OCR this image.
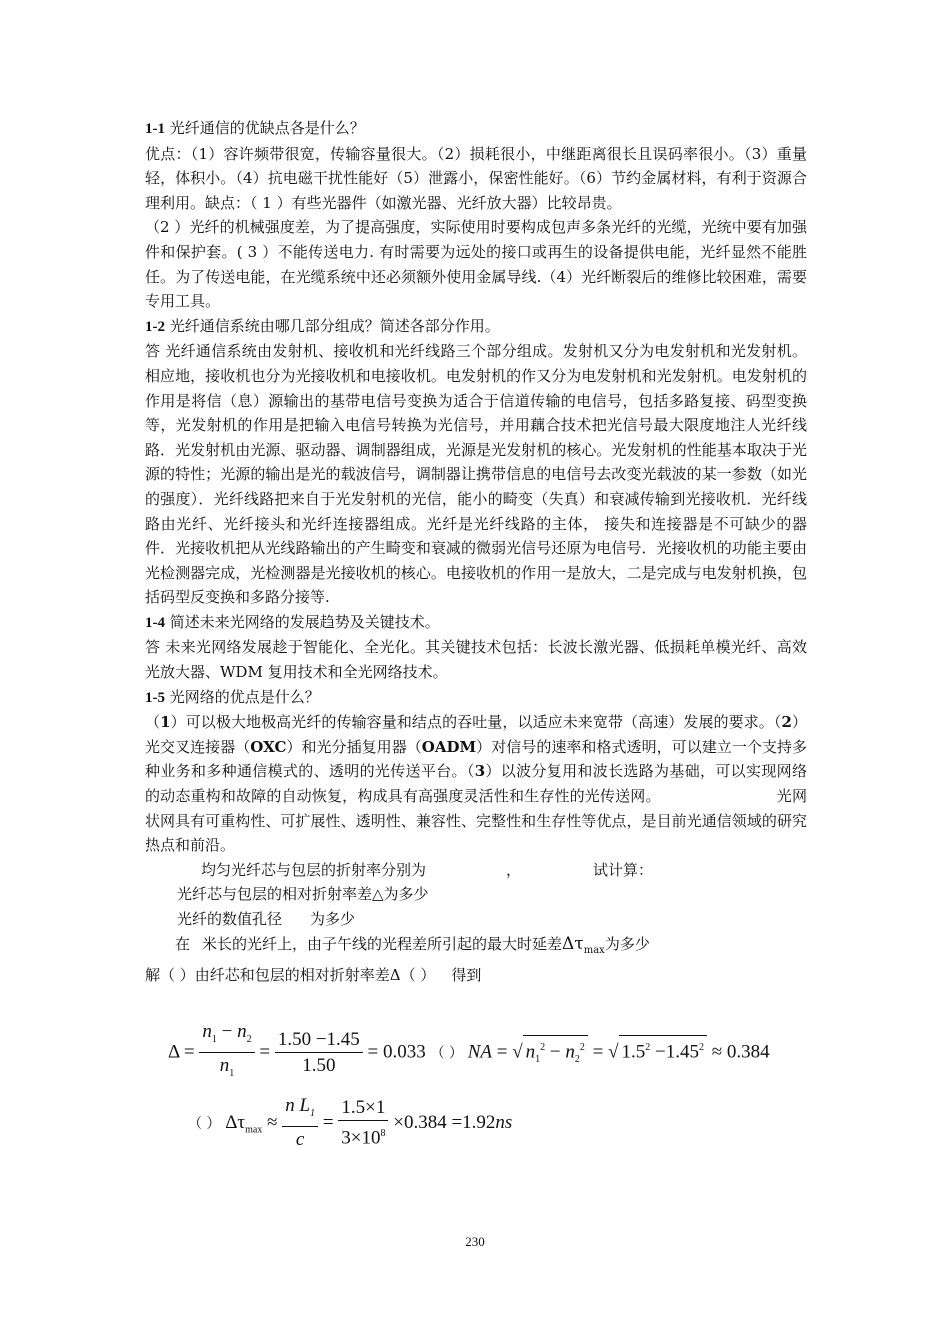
1-1 光纤通信的优缺点各是什么？

优点：（1）容许频带很宽，传输容量很大。（2）损耗很小，中继距离很长且误码率很小。（3）重量轻，体积小。（4）抗电磁干扰性能好（5）泄露小，保密性能好。（6）节约金属材料，有利于资源合理利用。缺点：（ 1 ）有些光器件（如激光器、光纤放大器）比较昂贵。

（2 ）光纤的机械强度差，为了提高强度，实际使用时要构成包声多条光纤的光缆，光统中要有加强件和保护套。( 3 ）不能传送电力. 有时需要为远处的接口或再生的设备提供电能，光纤显然不能胜任。为了传送电能，在光缆系统中还必须额外使用金属导线.（4）光纤断裂后的维修比较困难，需要专用工具。

1-2 光纤通信系统由哪几部分组成？简述各部分作用。

答 光纤通信系统由发射机、接收机和光纤线路三个部分组成。发射机又分为电发射机和光发射机。相应地，接收机也分为光接收机和电接收机。电发射机的作又分为电发射机和光发射机。电发射机的作用是将信（息）源输出的基带电信号变换为适合于信道传输的电信号，包括多路复接、码型变换等，光发射机的作用是把输入电信号转换为光信号，并用藕合技术把光信号最大限度地注人光纤线路．光发射机由光源、驱动器、调制器组成，光源是光发射机的核心。光发射机的性能基本取决于光源的特性；光源的输出是光的载波信号，调制器让携带信息的电信号去改变光载波的某一参数（如光的强度）．光纤线路把来自于光发射机的光信，能小的畸变（失真）和衰减传输到光接收机．光纤线路由光纤、光纤接头和光纤连接器组成。光纤是光纤线路的主体， 接失和连接器是不可缺少的器件．光接收机把从光线路输出的产生畸变和衰减的微弱光信号还原为电信号．光接收机的功能主要由光检测器完成，光检测器是光接收机的核心。电接收机的作用一是放大，二是完成与电发射机换，包括码型反变换和多路分接等.

1-4 简述未来光网络的发展趋势及关键技术。

答 未来光网络发展趁于智能化、全光化。其关键技术包括：长波长激光器、低损耗单模光纤、高效光放大器、WDM 复用技术和全光网络技术。

1-5 光网络的优点是什么？

（1）可以极大地极高光纤的传输容量和结点的吞吐量，以适应未来宽带（高速）发展的要求。（2）光交叉连接器（OXC）和光分插复用器（OADM）对信号的速率和格式透明，可以建立一个支持多种业务和多种通信模式的、透明的光传送平台。（3）以波分复用和波长选路为基础，可以实现网络的动态重构和故障的自动恢复，构成具有高强度灵活性和生存性的光传送网。	光网状网具有可重构性、可扩展性、透明性、兼容性、完整性和生存性等优点，是目前光通信领域的研究热点和前沿。

均匀光纤芯与包层的折射率分别为	，	试计算：

光纤芯与包层的相对折射率差△为多少

光纤的数值孔径 为多少

在 米长的光纤上，由子午线的光程差所引起的最大时延差$\Delta\tau_{max}$为多少

解（ ）由纤芯和包层的相对折射率差Δ（ ） 得到

$\Delta = \frac{n_1 - n_2}{n_1} = \frac{1.50 -1.45}{1.50} = 0.033$ （ ） NA = √ $n_1^2 - n_2^2$ = √ $1.5^2 -1.45^2 \approx 0.384$
（ ） $\Delta\tau_{max} \approx \frac{n L_1}{c} = \frac{1.5\times 1}{3\times 10^8} \times 0.384 =1.92ns$
230
